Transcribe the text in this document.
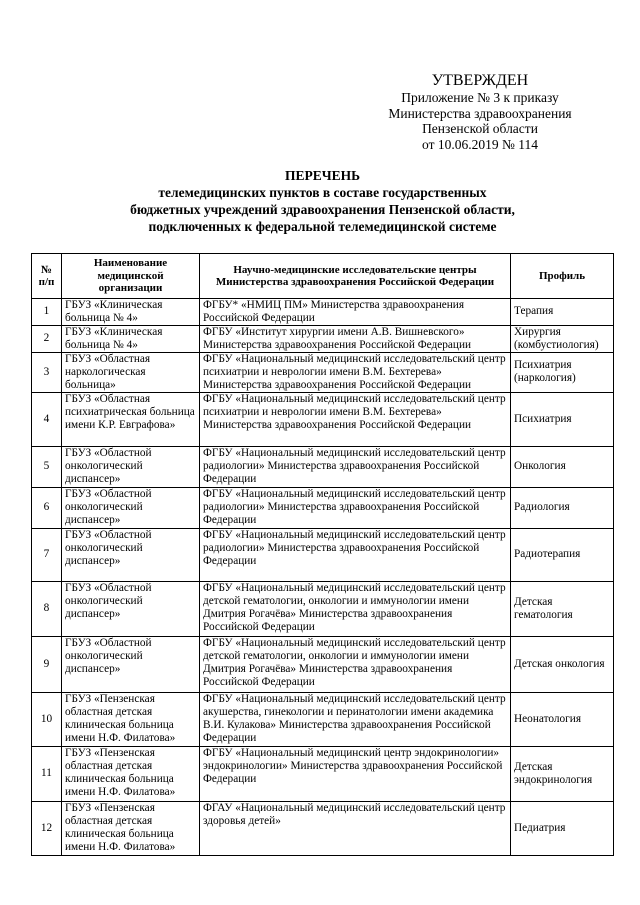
УТВЕРЖДЕН
Приложение № 3 к приказу
Министерства здравоохранения
Пензенской области
от 10.06.2019 № 114
ПЕРЕЧЕНЬ
телемедицинских пунктов в составе государственных
бюджетных учреждений здравоохранения Пензенской области,
подключенных к федеральной телемедицинской системе
№ п/п	Наименование медицинской организации	Научно-медицинские исследовательские центры Министерства здравоохранения Российской Федерации	Профиль
1	ГБУЗ «Клиническая больница № 4»	ФГБУ* «НМИЦ ПМ» Министерства здравоохранения Российской Федерации	Терапия
2	ГБУЗ «Клиническая больница № 4»	ФГБУ «Институт хирургии имени А.В. Вишневского» Министерства здравоохранения Российской Федерации	Хирургия (комбустиология)
3	ГБУЗ «Областная наркологическая больница»	ФГБУ «Национальный медицинский исследовательский центр психиатрии и неврологии имени В.М. Бехтерева» Министерства здравоохранения Российской Федерации	Психиатрия (наркология)
4	ГБУЗ «Областная психиатрическая больница имени К.Р. Евграфова»	ФГБУ «Национальный медицинский исследовательский центр психиатрии и неврологии имени В.М. Бехтерева» Министерства здравоохранения Российской Федерации	Психиатрия
5	ГБУЗ «Областной онкологический диспансер»	ФГБУ «Национальный медицинский исследовательский центр радиологии» Министерства здравоохранения Российской Федерации	Онкология
6	ГБУЗ «Областной онкологический диспансер»	ФГБУ «Национальный медицинский исследовательский центр радиологии» Министерства здравоохранения Российской Федерации	Радиология
7	ГБУЗ «Областной онкологический диспансер»	ФГБУ «Национальный медицинский исследовательский центр радиологии» Министерства здравоохранения Российской Федерации	Радиотерапия
8	ГБУЗ «Областной онкологический диспансер»	ФГБУ «Национальный медицинский исследовательский центр детской гематологии, онкологии и иммунологии имени Дмитрия Рогачёва» Министерства здравоохранения Российской Федерации	Детская гематология
9	ГБУЗ «Областной онкологический диспансер»	ФГБУ «Национальный медицинский исследовательский центр детской гематологии, онкологии и иммунологии имени Дмитрия Рогачёва» Министерства здравоохранения Российской Федерации	Детская онкология
10	ГБУЗ «Пензенская областная детская клиническая больница имени Н.Ф. Филатова»	ФГБУ «Национальный медицинский исследовательский центр акушерства, гинекологии и перинатологии имени академика В.И. Кулакова» Министерства здравоохранения Российской Федерации	Неонатология
11	ГБУЗ «Пензенская областная детская клиническая больница имени Н.Ф. Филатова»	ФГБУ «Национальный медицинский центр эндокринологии» эндокринологии» Министерства здравоохранения Российской Федерации	Детская эндокринология
12	ГБУЗ «Пензенская областная детская клиническая больница имени Н.Ф. Филатова»	ФГАУ «Национальный медицинский исследовательский центр здоровья детей»	Педиатрия
